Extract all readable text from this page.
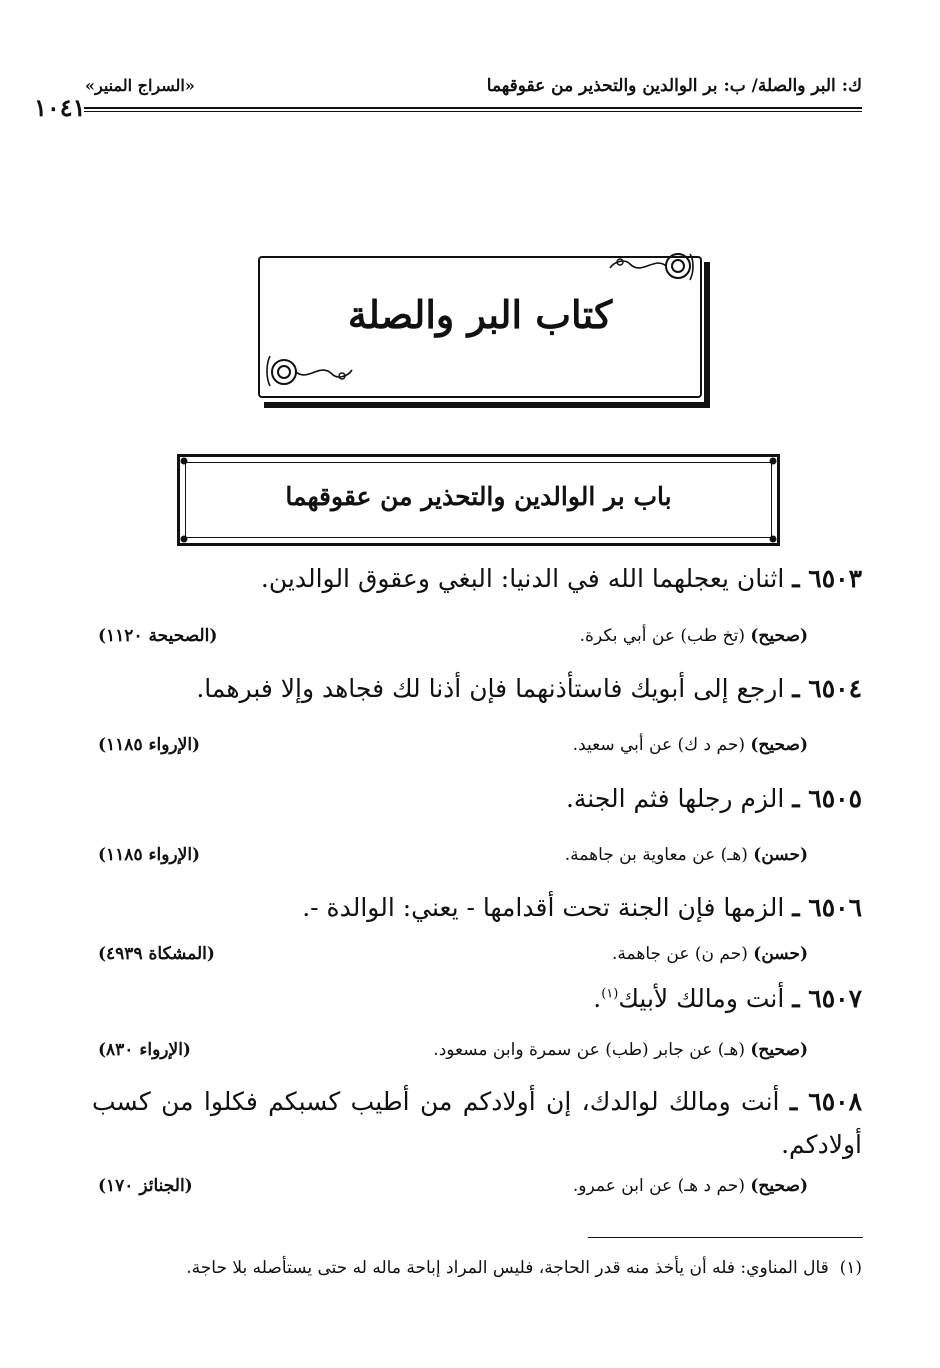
ك: البر والصلة/ ب: بر الوالدين والتحذير من عقوقهما
«السراج المنير»
١٠٤١
كتاب البر والصلة
باب بر الوالدين والتحذير من عقوقهما
٦٥٠٣ ـ اثنان يعجلهما الله في الدنيا: البغي وعقوق الوالدين.
(صحيح) (تخ طب) عن أبي بكرة.
(الصحيحة ١١٢٠)
٦٥٠٤ ـ ارجع إلى أبويك فاستأذنهما فإن أذنا لك فجاهد وإلا فبرهما.
(صحيح) (حم د ك) عن أبي سعيد.
(الإرواء ١١٨٥)
٦٥٠٥ ـ الزم رجلها فثم الجنة.
(حسن) (هـ) عن معاوية بن جاهمة.
(الإرواء ١١٨٥)
٦٥٠٦ ـ الزمها فإن الجنة تحت أقدامها - يعني: الوالدة -.
(حسن) (حم ن) عن جاهمة.
(المشكاة ٤٩٣٩)
٦٥٠٧ ـ أنت ومالك لأبيك$^{(١)}$.
(صحيح) (هـ) عن جابر (طب) عن سمرة وابن مسعود.
(الإرواء ٨٣٠)
٦٥٠٨ ـ أنت ومالك لوالدك، إن أولادكم من أطيب كسبكم فكلوا من كسب أولادكم.
(صحيح) (حم د هـ) عن ابن عمرو.
(الجنائز ١٧٠)
(١)  قال المناوي: فله أن يأخذ منه قدر الحاجة، فليس المراد إباحة ماله له حتى يستأصله بلا حاجة.
